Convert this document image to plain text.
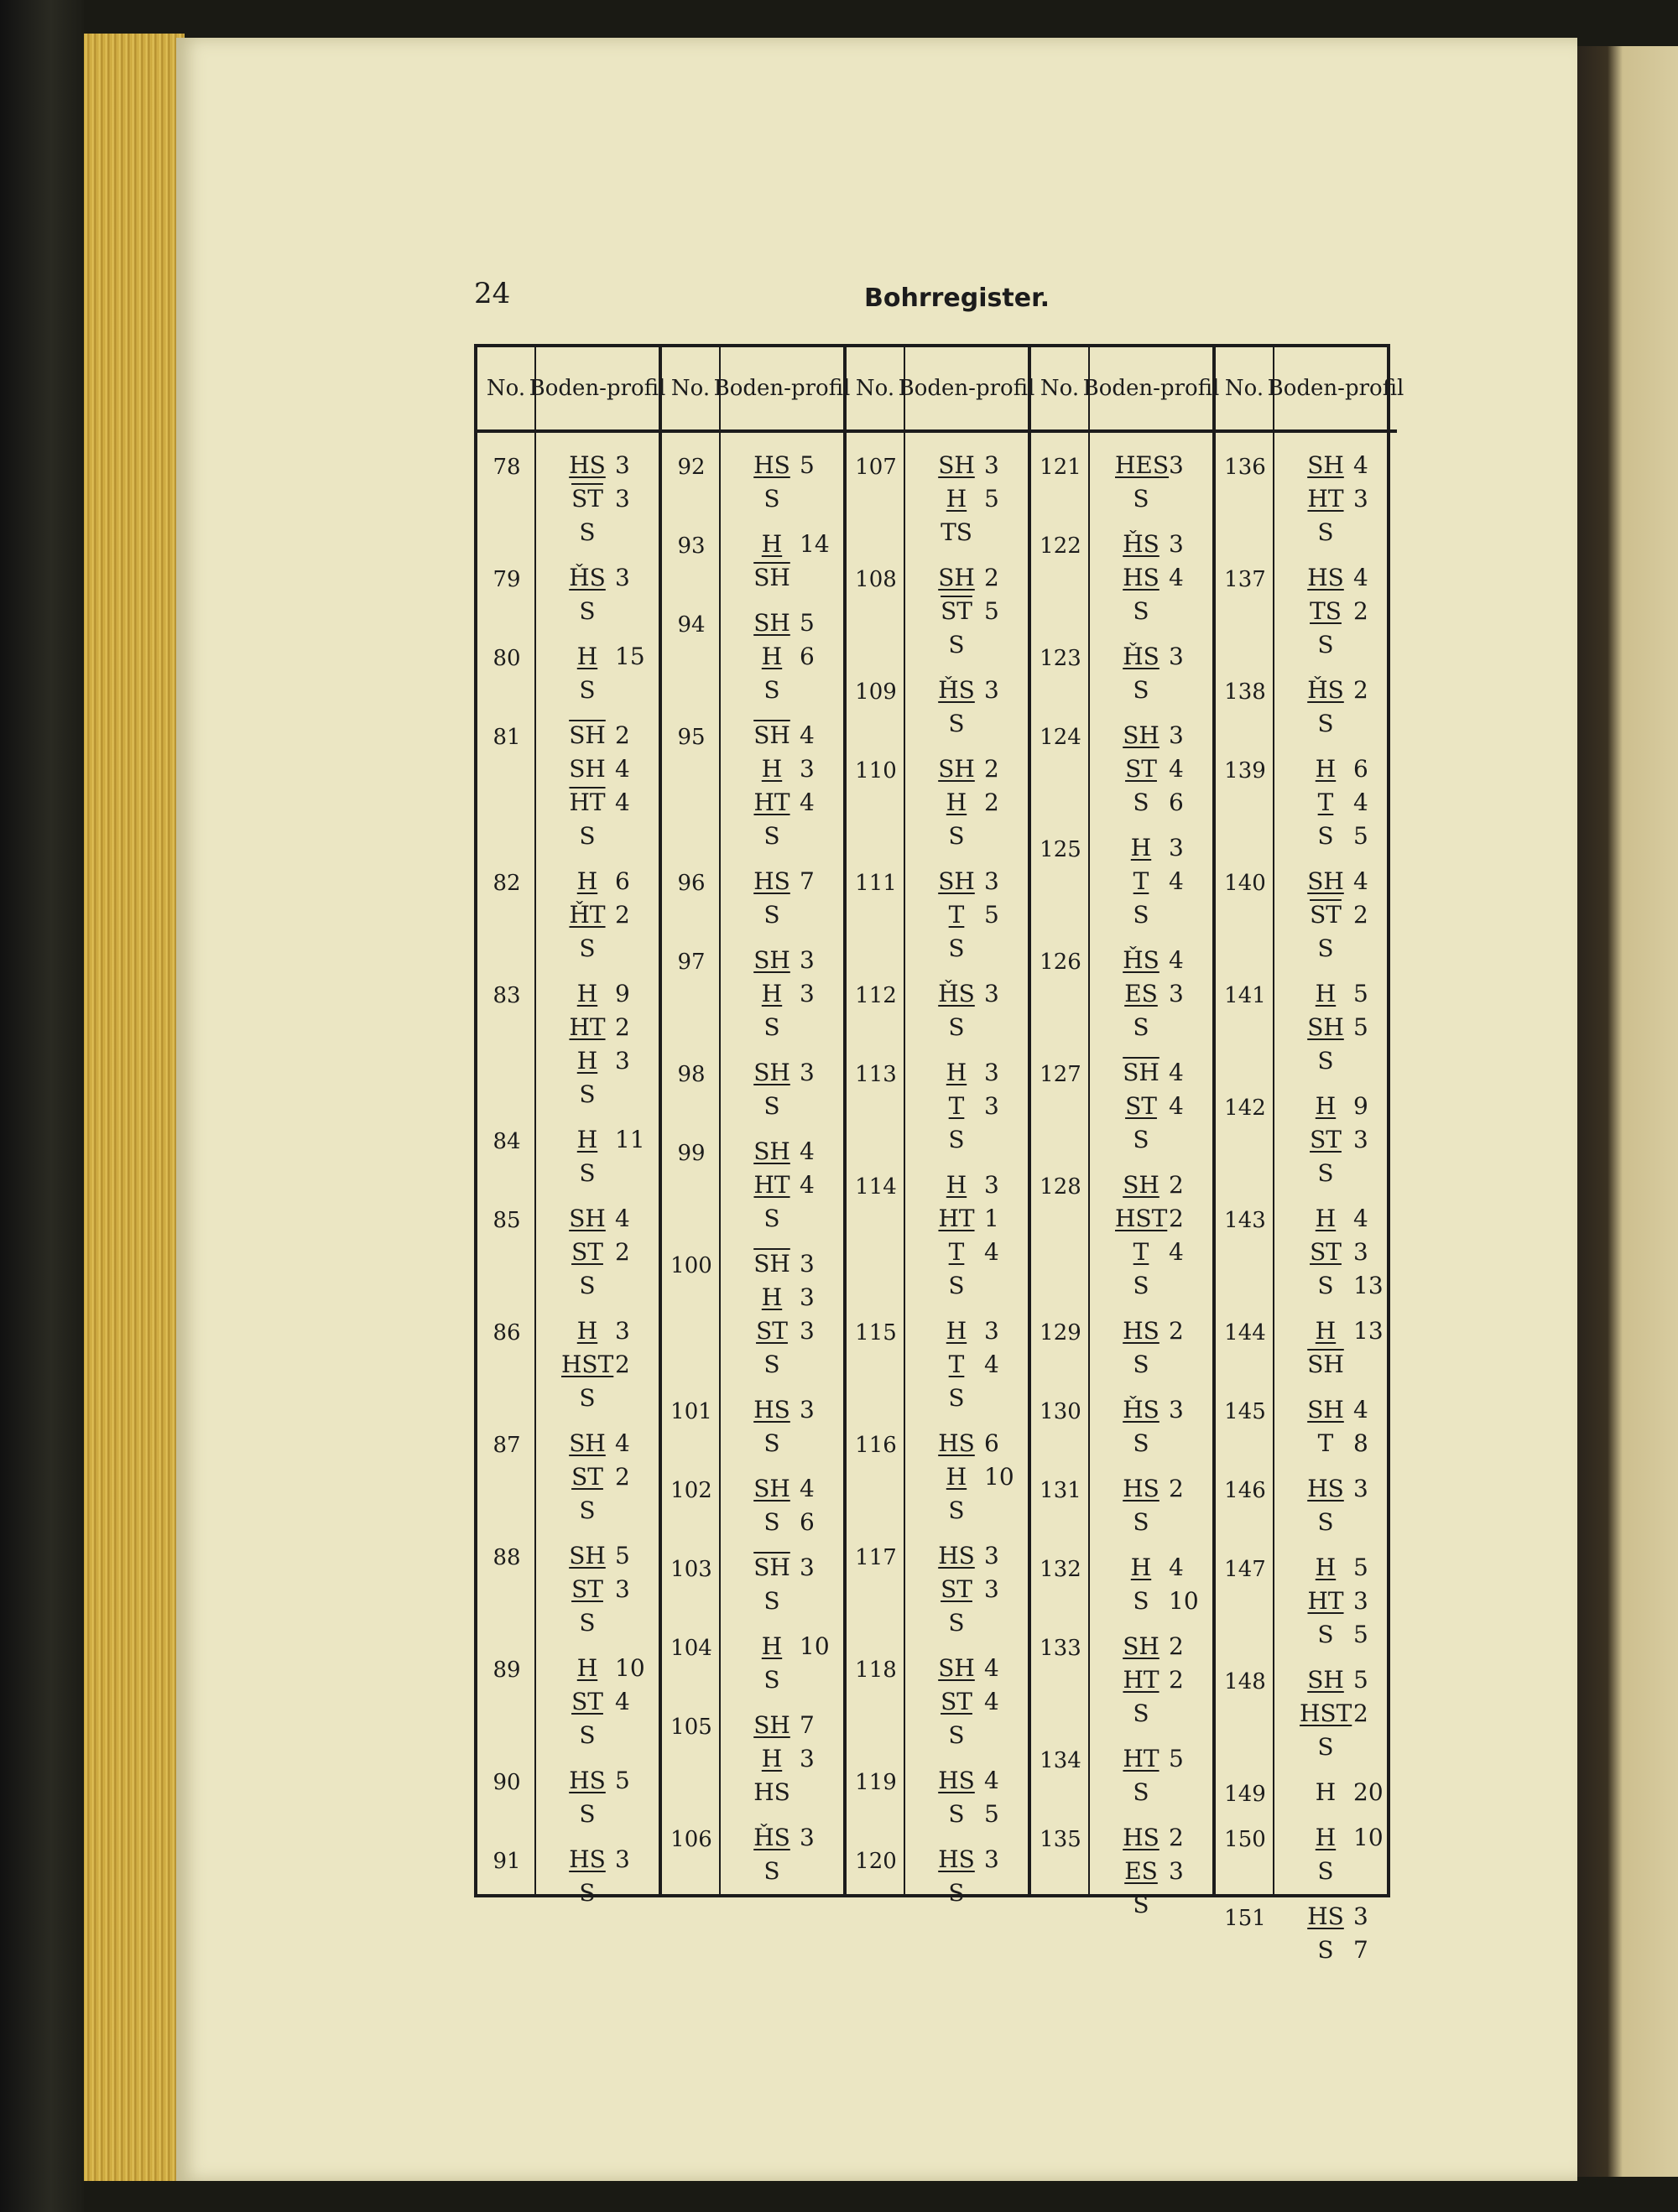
24	Bohrregister.
No.
78
79
80
81
82
83
84
85
86
87
88
89
90
91
Boden- profil
HS 3
$\overline{ST}$ 3
S
ȞS 3
S
H 15
S
$\overline{SH}$ 2
SH 4
$\overline{HT}$ 4
S
H 6
ȞT 2
S
H 9
HT 2
H 3
S
H 11
S
SH 4
ST 2
S
H 3
HST 2
S
SH 4
ST 2
S
SH 5
ST 3
S
H 10
ST 4
S
HS 5
S
HS 3
S
No.
92
93
94
95
96
97
98
99
100
101
102
103
104
105
106
Boden- profil
HS 5
S
H 14
$\overline{SH}$
SH 5
H 6
S
$\overline{SH}$ 4
H 3
HT 4
S
HS 7
S
SH 3
H 3
S
SH 3
S
SH 4
HT 4
S
$\overline{SH}$ 3
H 3
ST 3
S
HS 3
S
SH 4
S 6
$\overline{SH}$ 3
S
H 10
S
SH 7
H 3
HS
ȞS 3
S
No.
107
108
109
110
111
112
113
114
115
116
117
118
119
120
Boden- profil
SH 3
H 5
TS
SH 2
$\overline{ST}$ 5
S
ȞS 3
S
SH 2
H 2
S
SH 3
T 5
S
ȞS 3
S
H 3
T 3
S
H 3
HT 1
T 4
S
H 3
T 4
S
HS 6
H 10
S
HS 3
ST 3
S
SH 4
ST 4
S
HS 4
S 5
HS 3
S
No.
121
122
123
124
125
126
127
128
129
130
131
132
133
134
135
Boden- profil
HES 3
S
ȞS 3
HS 4
S
ȞS 3
S
SH 3
ST 4
S 6
H 3
T 4
S
ȞS 4
ES 3
S
$\overline{SH}$ 4
ST 4
S
SH 2
HST 2
T 4
S
HS 2
S
ȞS 3
S
HS 2
S
H 4
S 10
SH 2
HT 2
S
HT 5
S
HS 2
ES 3
S
No.
136
137
138
139
140
141
142
143
144
145
146
147
148
149
150
151
Boden- profil
SH 4
HT 3
S
HS 4
TS 2
S
ȞS 2
S
H 6
T 4
S 5
SH 4
$\overline{ST}$ 2
S
H 5
SH 5
S
H 9
ST 3
S
H 4
ST 3
S 13
H 13
$\overline{SH}$
SH 4
T 8
HS 3
S
H 5
HT 3
S 5
SH 5
HST 2
S
H 20
H 10
S
HS 3
S 7
